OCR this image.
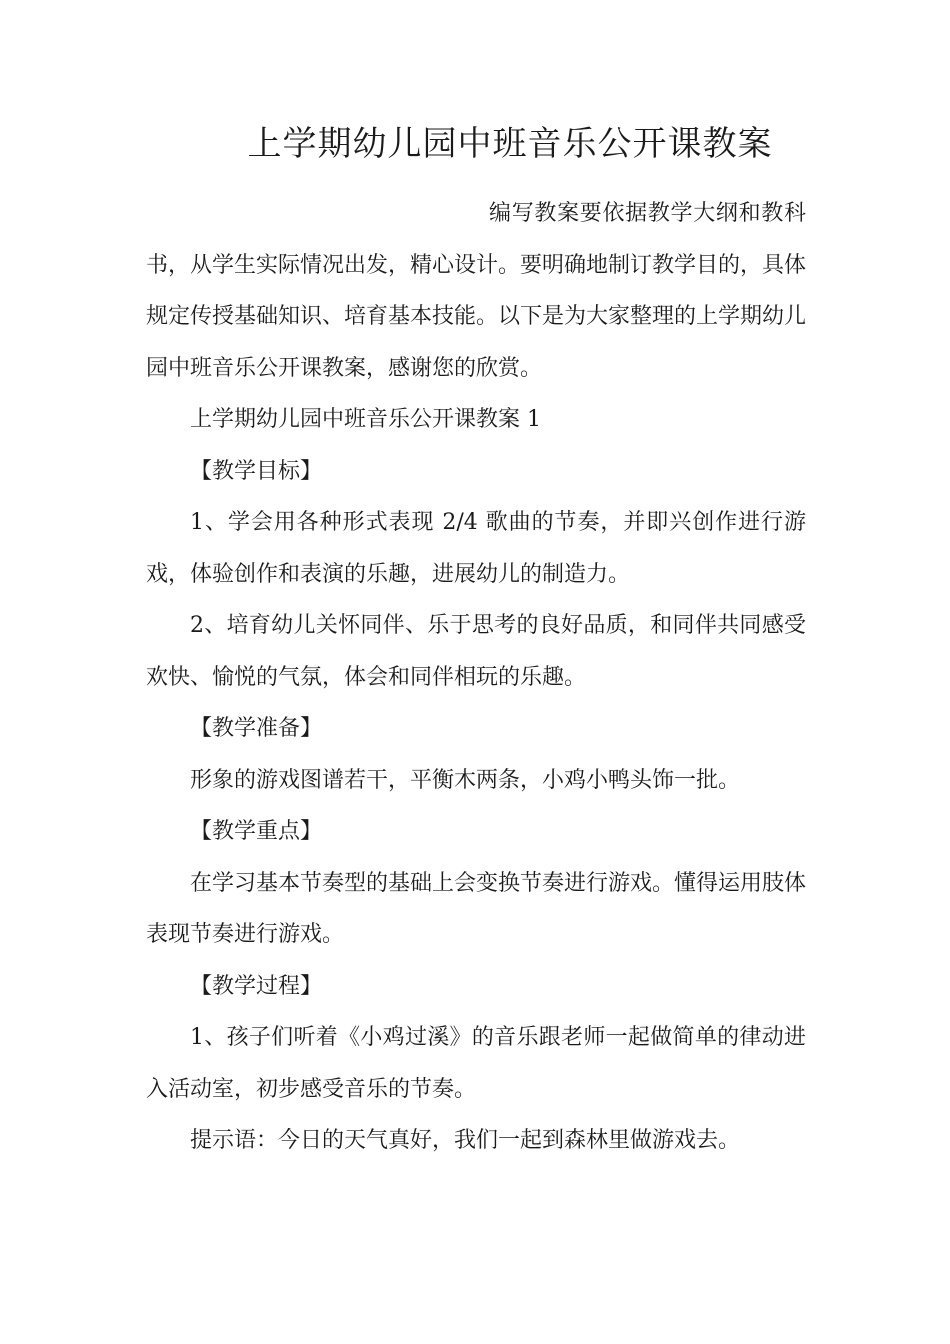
上学期幼儿园中班音乐公开课教案

编写教案要依据教学大纲和教科书，从学生实际情况出发，精心设计。要明确地制订教学目的，具体规定传授基础知识、培育基本技能。以下是为大家整理的上学期幼儿园中班音乐公开课教案，感谢您的欣赏。

上学期幼儿园中班音乐公开课教案 1

【教学目标】

1、学会用各种形式表现 2/4 歌曲的节奏，并即兴创作进行游戏，体验创作和表演的乐趣，进展幼儿的制造力。

2、培育幼儿关怀同伴、乐于思考的良好品质，和同伴共同感受欢快、愉悦的气氛，体会和同伴相玩的乐趣。

【教学准备】

形象的游戏图谱若干，平衡木两条，小鸡小鸭头饰一批。

【教学重点】

在学习基本节奏型的基础上会变换节奏进行游戏。懂得运用肢体表现节奏进行游戏。

【教学过程】

1、孩子们听着《小鸡过溪》的音乐跟老师一起做简单的律动进入活动室，初步感受音乐的节奏。

提示语：今日的天气真好，我们一起到森林里做游戏去。
